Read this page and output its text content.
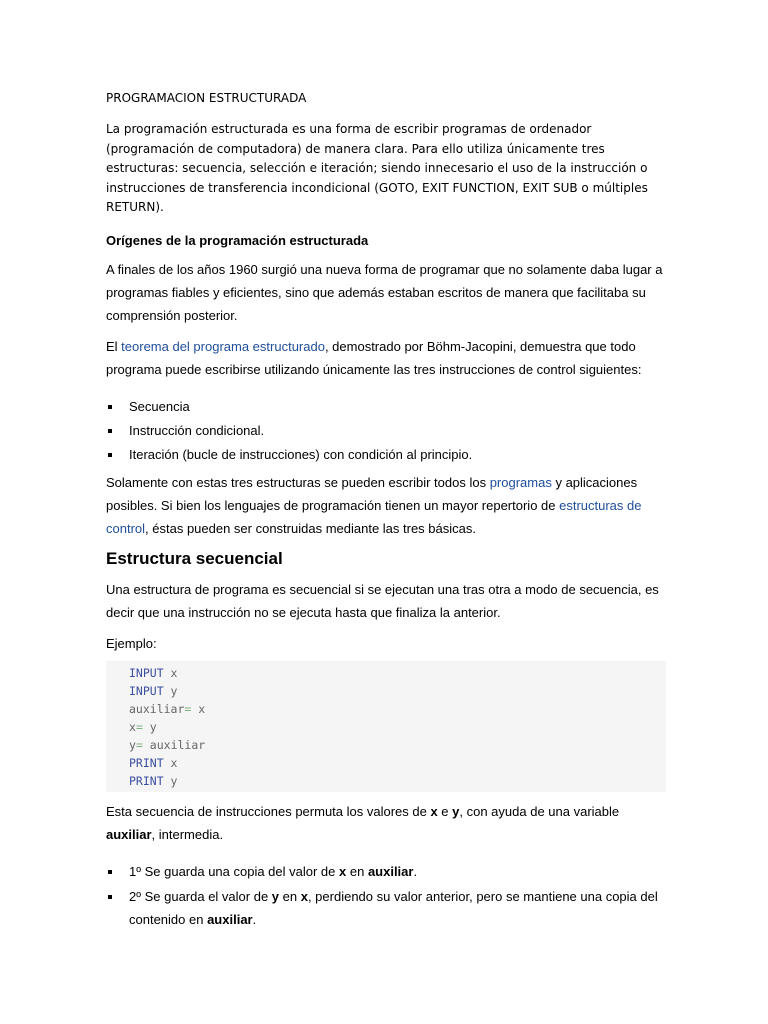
PROGRAMACION ESTRUCTURADA

La programación estructurada es una forma de escribir programas de ordenador (programación de computadora) de manera clara. Para ello utiliza únicamente tres estructuras: secuencia, selección e iteración; siendo innecesario el uso de la instrucción o instrucciones de transferencia incondicional (GOTO, EXIT FUNCTION, EXIT SUB o múltiples RETURN).

Orígenes de la programación estructurada

A finales de los años 1960 surgió una nueva forma de programar que no solamente daba lugar a programas fiables y eficientes, sino que además estaban escritos de manera que facilitaba su comprensión posterior.

El teorema del programa estructurado, demostrado por Böhm-Jacopini, demuestra que todo programa puede escribirse utilizando únicamente las tres instrucciones de control siguientes:

Secuencia
Instrucción condicional.
Iteración (bucle de instrucciones) con condición al principio.

Solamente con estas tres estructuras se pueden escribir todos los programas y aplicaciones posibles. Si bien los lenguajes de programación tienen un mayor repertorio de estructuras de control, éstas pueden ser construidas mediante las tres básicas.

Estructura secuencial

Una estructura de programa es secuencial si se ejecutan una tras otra a modo de secuencia, es decir que una instrucción no se ejecuta hasta que finaliza la anterior.

Ejemplo:

INPUT x
INPUT y
auxiliar= x
x= y
y= auxiliar
PRINT x
PRINT y

Esta secuencia de instrucciones permuta los valores de x e y, con ayuda de una variable auxiliar, intermedia.

1º Se guarda una copia del valor de x en auxiliar.
2º Se guarda el valor de y en x, perdiendo su valor anterior, pero se mantiene una copia del contenido en auxiliar.
